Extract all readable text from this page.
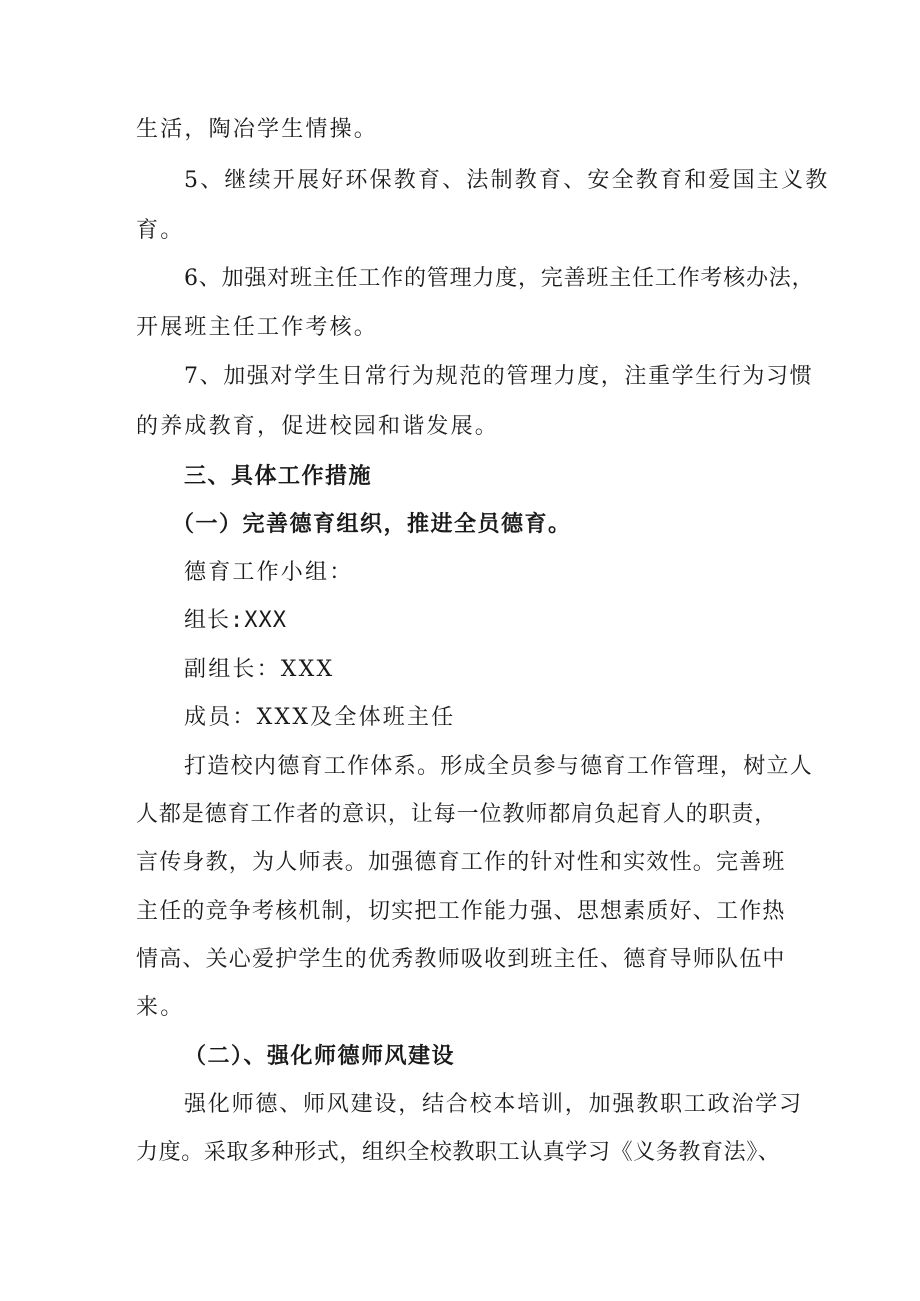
生活，陶冶学生情操。
5、继续开展好环保教育、法制教育、安全教育和爱国主义教
育。
6、加强对班主任工作的管理力度，完善班主任工作考核办法，
开展班主任工作考核。
7、加强对学生日常行为规范的管理力度，注重学生行为习惯
的养成教育，促进校园和谐发展。
三、具体工作措施
（一）完善德育组织，推进全员德育。
德育工作小组：
组长:XXX
副组长：XXX
成员：XXX及全体班主任
打造校内德育工作体系。形成全员参与德育工作管理，树立人
人都是德育工作者的意识，让每一位教师都肩负起育人的职责，
言传身教，为人师表。加强德育工作的针对性和实效性。完善班
主任的竞争考核机制，切实把工作能力强、思想素质好、工作热
情高、关心爱护学生的优秀教师吸收到班主任、德育导师队伍中
来。
（二）、强化师德师风建设
强化师德、师风建设，结合校本培训，加强教职工政治学习
力度。采取多种形式，组织全校教职工认真学习《义务教育法》、
